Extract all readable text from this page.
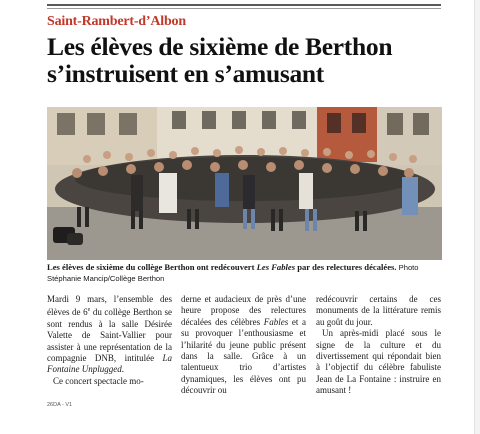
Saint-Rambert-d’Albon
Les élèves de sixième de Berthon
s’instruisent en s’amusant
Les élèves de sixième du collège Berthon ont redécouvert Les Fables par des relectures décalées. Photo Stéphanie Mancip/Collège Berthon

Mardi 9 mars, l’ensemble des élèves de 6e du collège Berthon se sont rendus à la salle Désirée Valette de Saint-Vallier pour assister à une représentation de la compagnie DNB, intitulée La Fontaine Unplugged.

Ce concert spectacle mo-

derne et audacieux de près d’une heure propose des relectures décalées des célèbres Fables et a su provoquer l’enthousiasme et l’hilarité du jeune public présent dans la salle. Grâce à un talentueux trio d’artistes dynamiques, les élèves ont pu découvrir ou

redécouvrir certains de ces monuments de la littérature remis au goût du jour.

Un après-midi placé sous le signe de la culture et du divertissement qui répondait bien à l’objectif du célèbre fabuliste Jean de La Fontaine : instruire en amusant !

26DA - V1
